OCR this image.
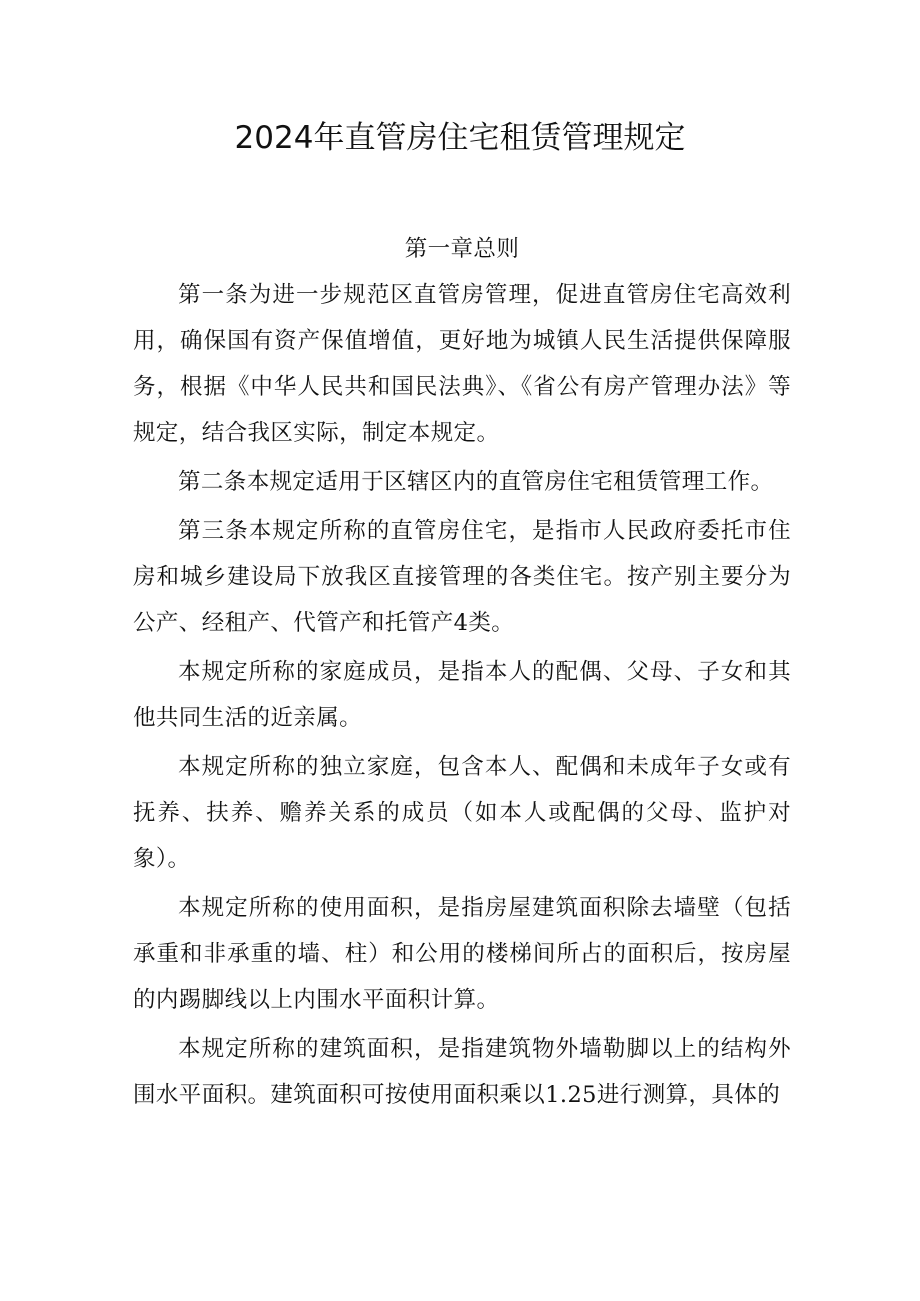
2024年直管房住宅租赁管理规定

第一章总则

第一条为进一步规范区直管房管理，促进直管房住宅高效利用，确保国有资产保值增值，更好地为城镇人民生活提供保障服务，根据《中华人民共和国民法典》、《省公有房产管理办法》等规定，结合我区实际，制定本规定。

第二条本规定适用于区辖区内的直管房住宅租赁管理工作。

第三条本规定所称的直管房住宅，是指市人民政府委托市住房和城乡建设局下放我区直接管理的各类住宅。按产别主要分为公产、经租产、代管产和托管产4类。

本规定所称的家庭成员，是指本人的配偶、父母、子女和其他共同生活的近亲属。

本规定所称的独立家庭，包含本人、配偶和未成年子女或有抚养、扶养、赡养关系的成员（如本人或配偶的父母、监护对象）。

本规定所称的使用面积，是指房屋建筑面积除去墙壁（包括承重和非承重的墙、柱）和公用的楼梯间所占的面积后，按房屋的内踢脚线以上内围水平面积计算。

本规定所称的建筑面积，是指建筑物外墙勒脚以上的结构外围水平面积。建筑面积可按使用面积乘以1.25进行测算，具体的
